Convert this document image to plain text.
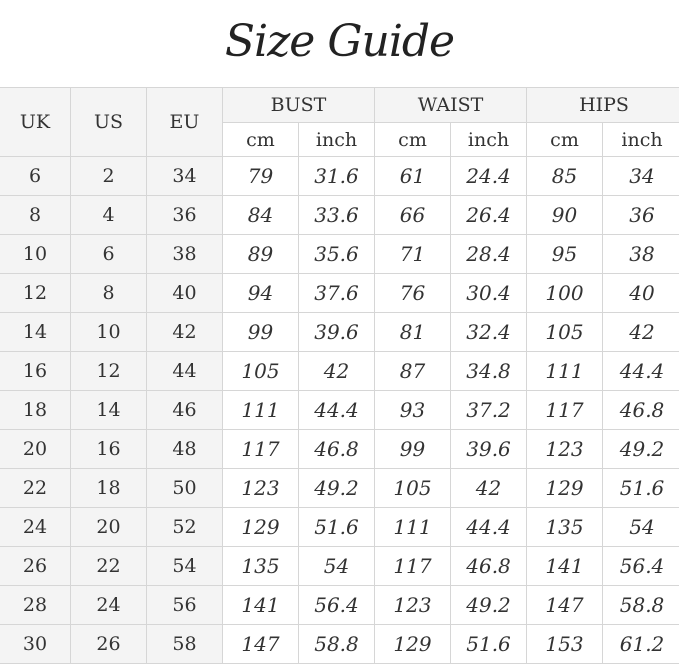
Size Guide
UK	US	EU	BUST		WAIST		HIPS	
			cm	inch	cm	inch	cm	inch
6	2	34	79	31.6	61	24.4	85	34
8	4	36	84	33.6	66	26.4	90	36
10	6	38	89	35.6	71	28.4	95	38
12	8	40	94	37.6	76	30.4	100	40
14	10	42	99	39.6	81	32.4	105	42
16	12	44	105	42	87	34.8	111	44.4
18	14	46	111	44.4	93	37.2	117	46.8
20	16	48	117	46.8	99	39.6	123	49.2
22	18	50	123	49.2	105	42	129	51.6
24	20	52	129	51.6	111	44.4	135	54
26	22	54	135	54	117	46.8	141	56.4
28	24	56	141	56.4	123	49.2	147	58.8
30	26	58	147	58.8	129	51.6	153	61.2
